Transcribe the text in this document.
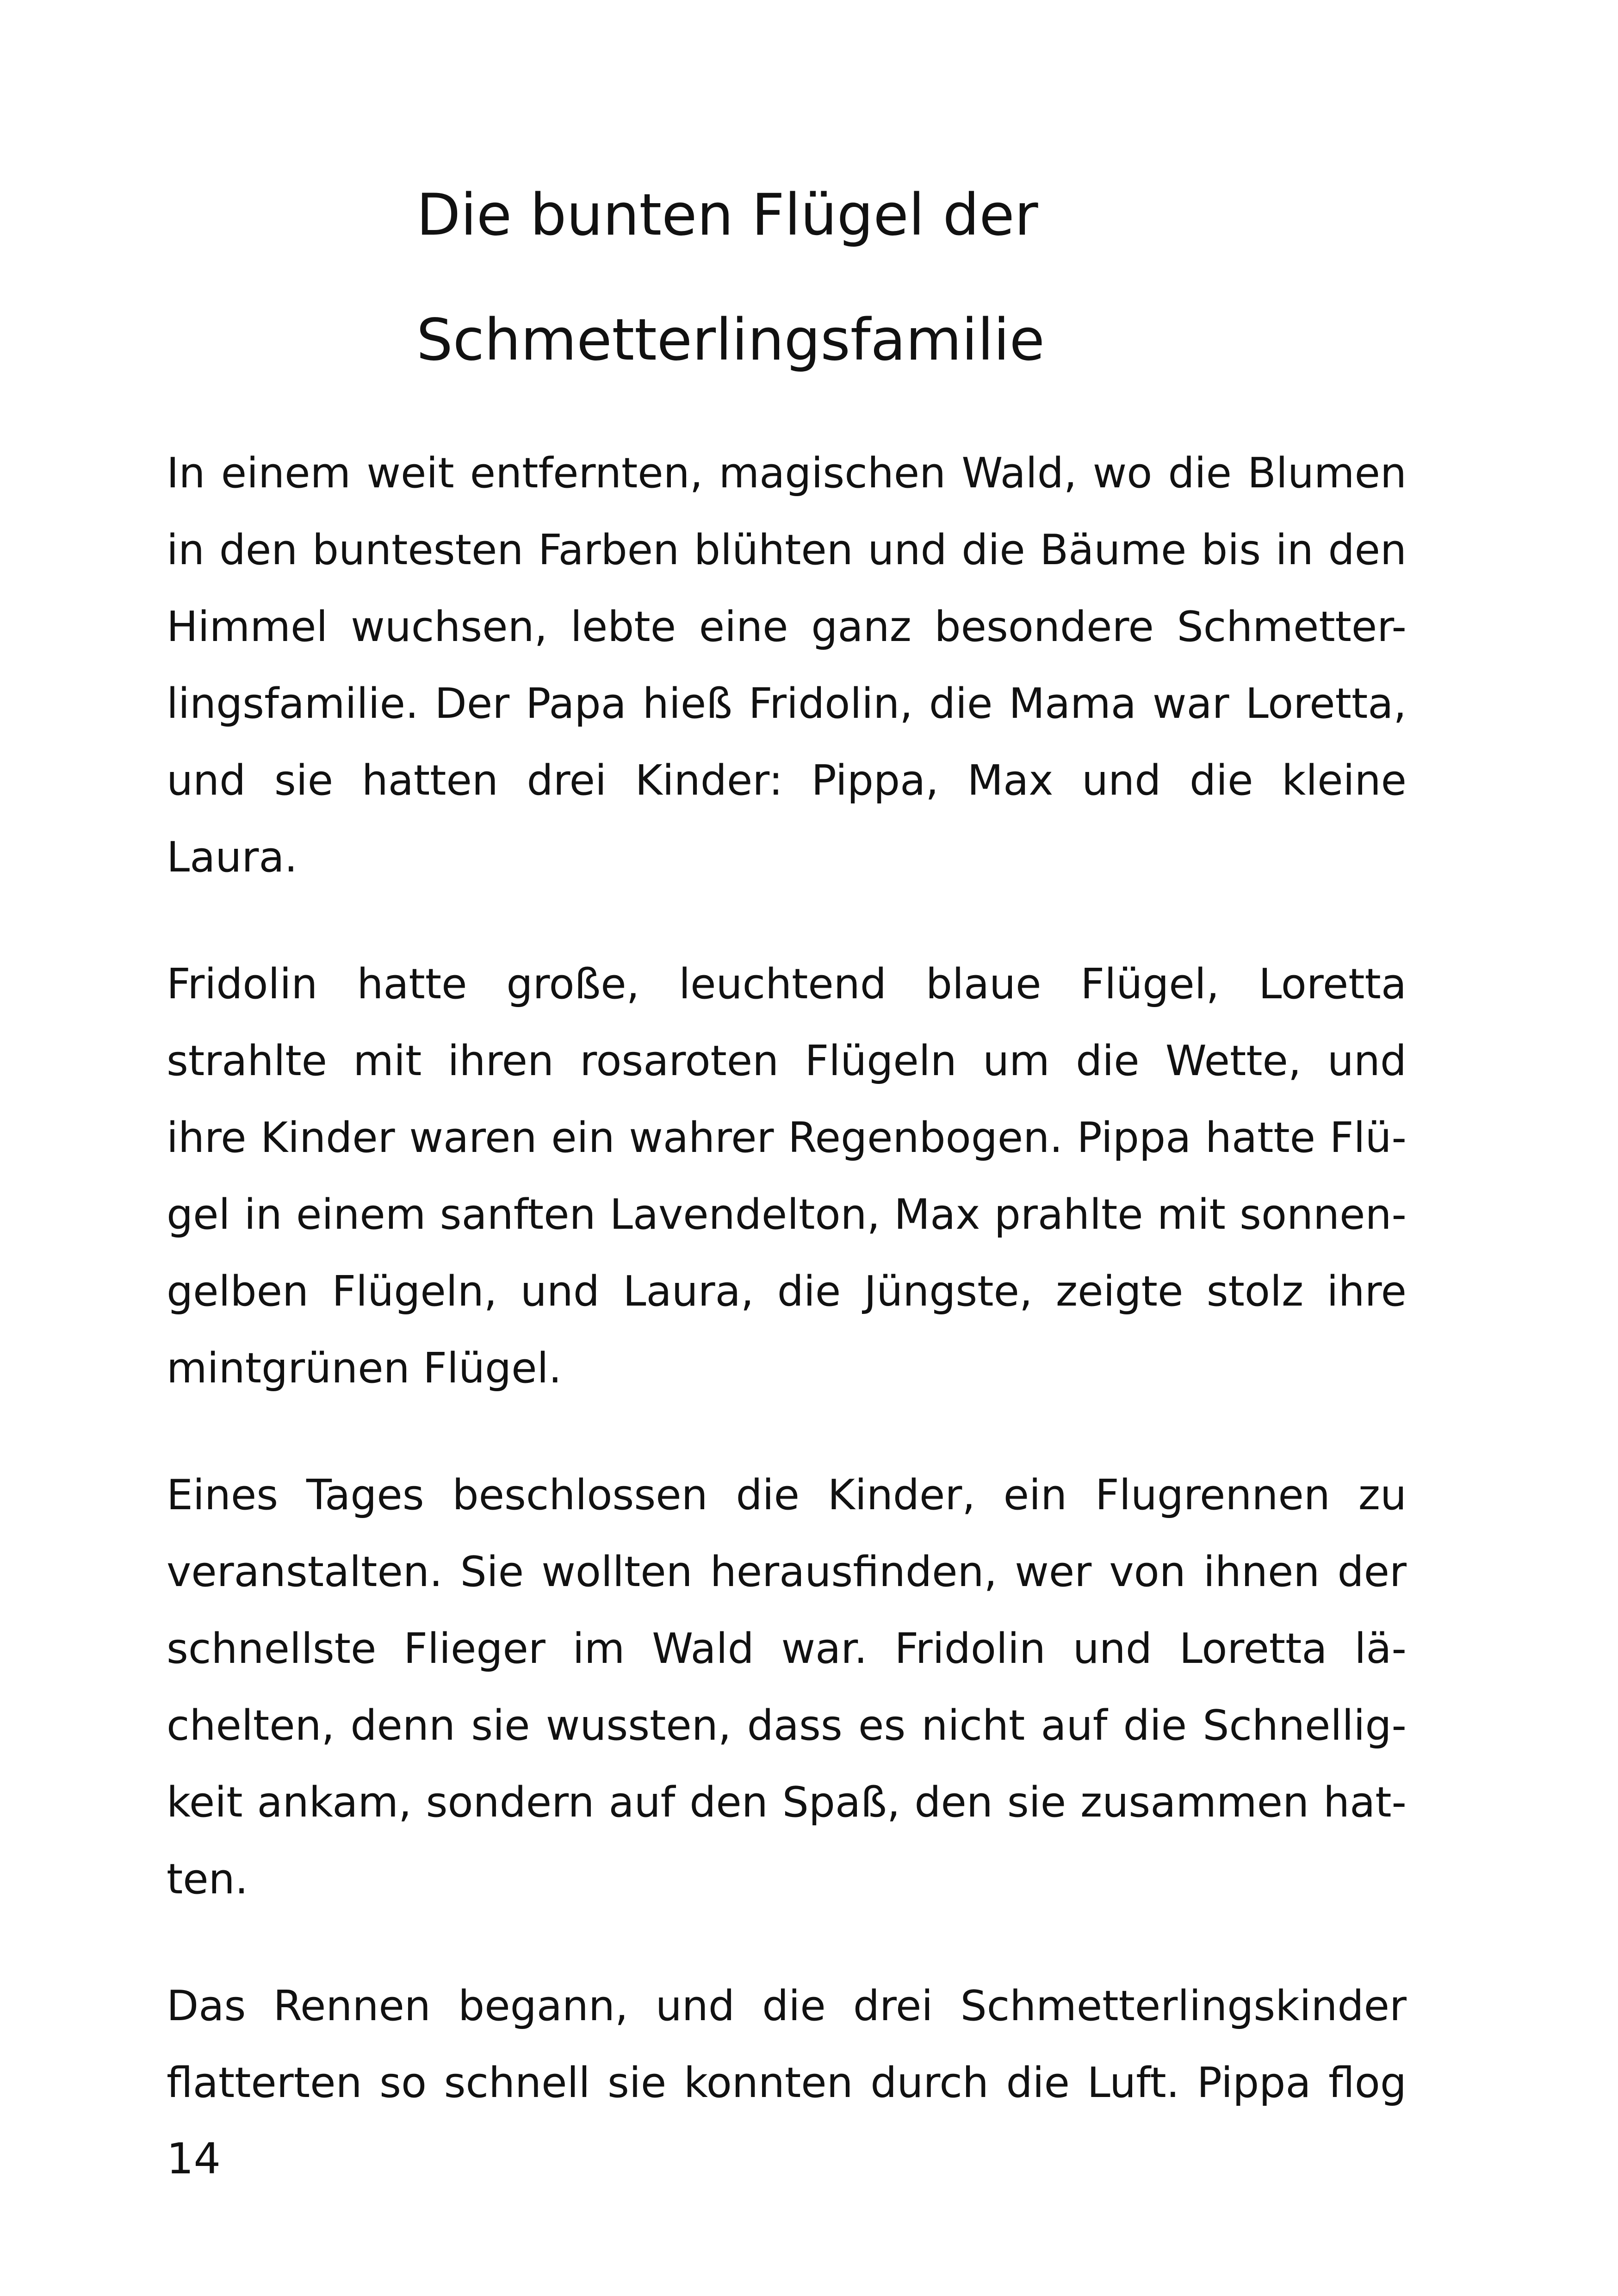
Die bunten Flügel der
Schmetterlingsfamilie
In einem weit entfernten, magischen Wald, wo die Blumen
in den buntesten Farben blühten und die Bäume bis in den
Himmel wuchsen, lebte eine ganz besondere Schmetter-
lingsfamilie. Der Papa hieß Fridolin, die Mama war Loretta,
und sie hatten drei Kinder: Pippa, Max und die kleine
Laura.
Fridolin hatte große, leuchtend blaue Flügel, Loretta
strahlte mit ihren rosaroten Flügeln um die Wette, und
ihre Kinder waren ein wahrer Regenbogen. Pippa hatte Flü-
gel in einem sanften Lavendelton, Max prahlte mit sonnen-
gelben Flügeln, und Laura, die Jüngste, zeigte stolz ihre
mintgrünen Flügel.
Eines Tages beschlossen die Kinder, ein Flugrennen zu
veranstalten. Sie wollten herausfinden, wer von ihnen der
schnellste Flieger im Wald war. Fridolin und Loretta lä-
chelten, denn sie wussten, dass es nicht auf die Schnellig-
keit ankam, sondern auf den Spaß, den sie zusammen hat-
ten.
Das Rennen begann, und die drei Schmetterlingskinder
flatterten so schnell sie konnten durch die Luft. Pippa flog
14
